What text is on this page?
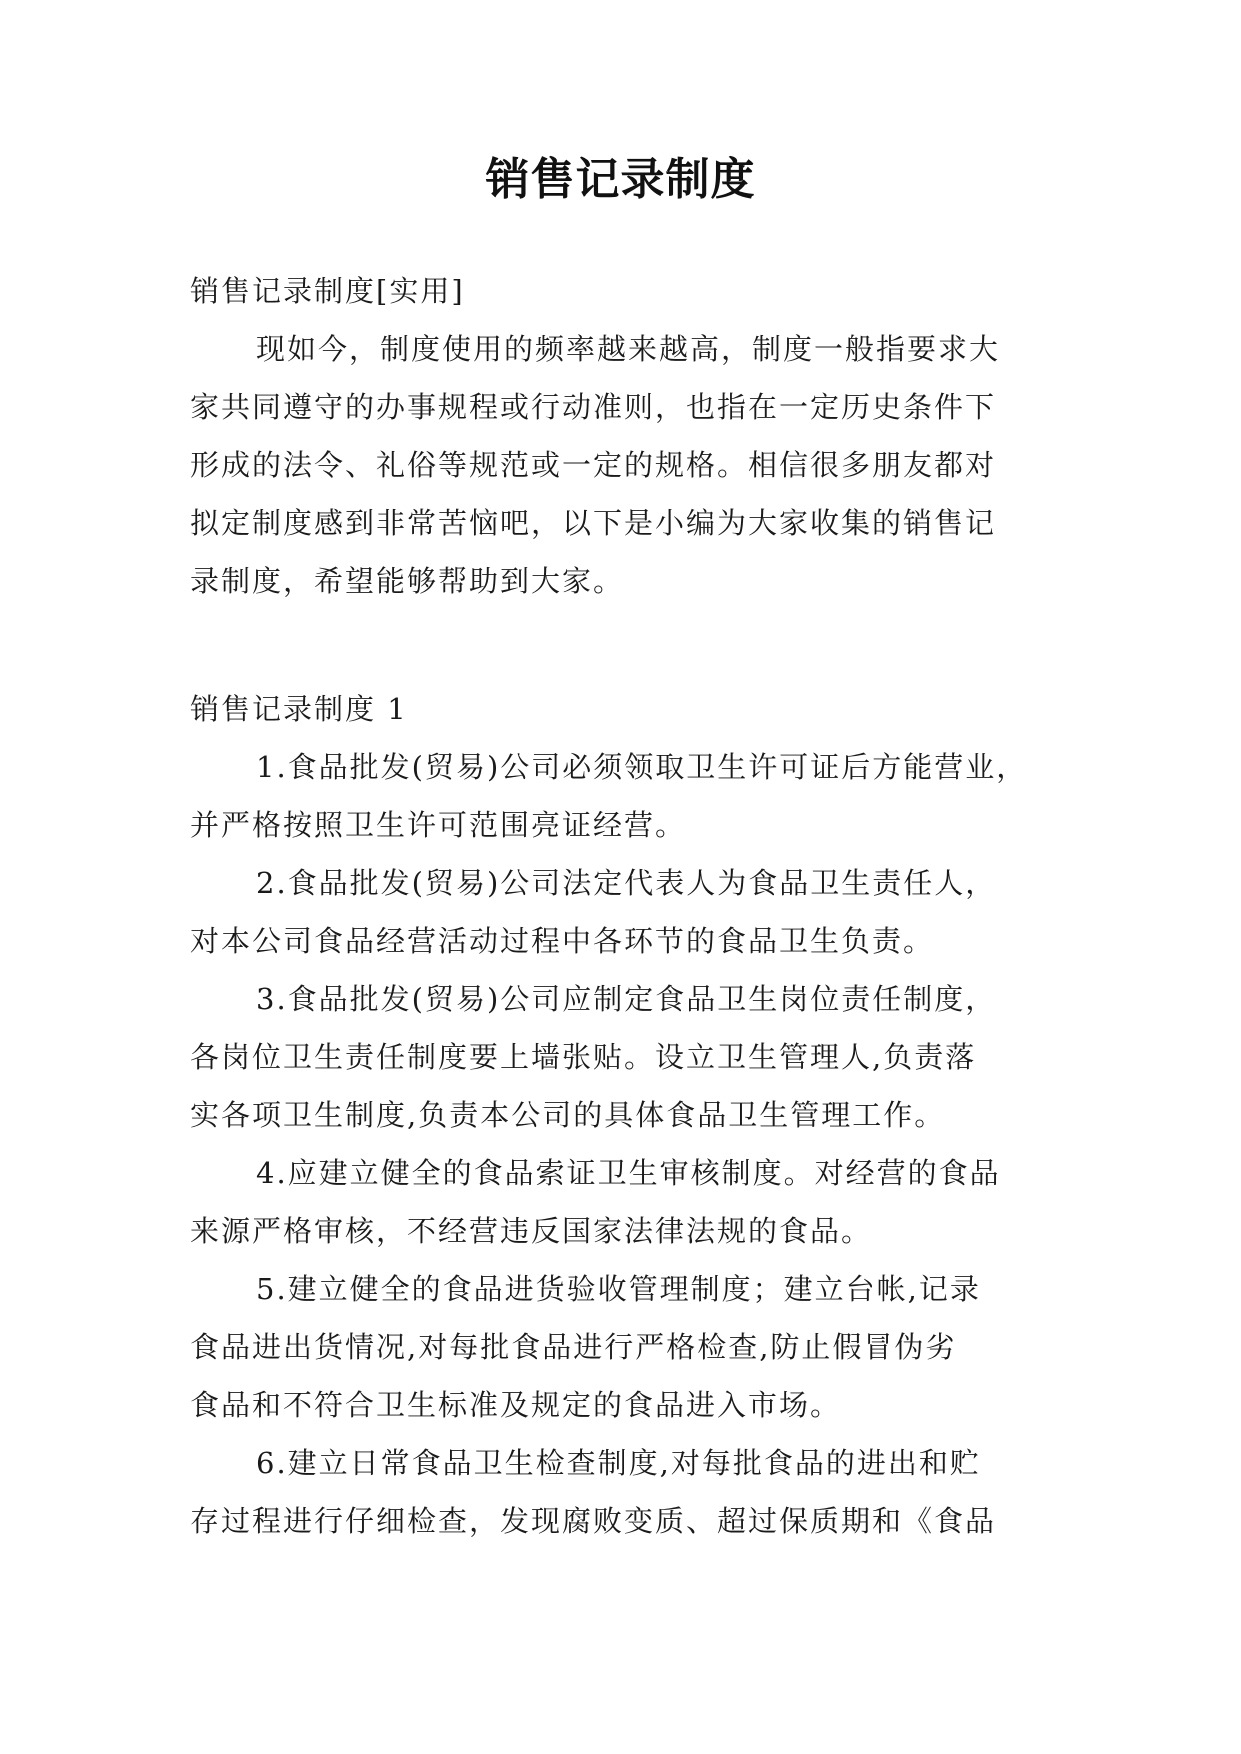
销售记录制度
销售记录制度[实用]
现如今，制度使用的频率越来越高，制度一般指要求大
家共同遵守的办事规程或行动准则，也指在一定历史条件下
形成的法令、礼俗等规范或一定的规格。相信很多朋友都对
拟定制度感到非常苦恼吧，以下是小编为大家收集的销售记
录制度，希望能够帮助到大家。
销售记录制度 1
1.食品批发(贸易)公司必须领取卫生许可证后方能营业，
并严格按照卫生许可范围亮证经营。
2.食品批发(贸易)公司法定代表人为食品卫生责任人，
对本公司食品经营活动过程中各环节的食品卫生负责。
3.食品批发(贸易)公司应制定食品卫生岗位责任制度，
各岗位卫生责任制度要上墙张贴。设立卫生管理人,负责落
实各项卫生制度,负责本公司的具体食品卫生管理工作。
4.应建立健全的食品索证卫生审核制度。对经营的食品
来源严格审核，不经营违反国家法律法规的食品。
5.建立健全的食品进货验收管理制度；建立台帐,记录
食品进出货情况,对每批食品进行严格检查,防止假冒伪劣
食品和不符合卫生标准及规定的食品进入市场。
6.建立日常食品卫生检查制度,对每批食品的进出和贮
存过程进行仔细检查，发现腐败变质、超过保质期和《食品
